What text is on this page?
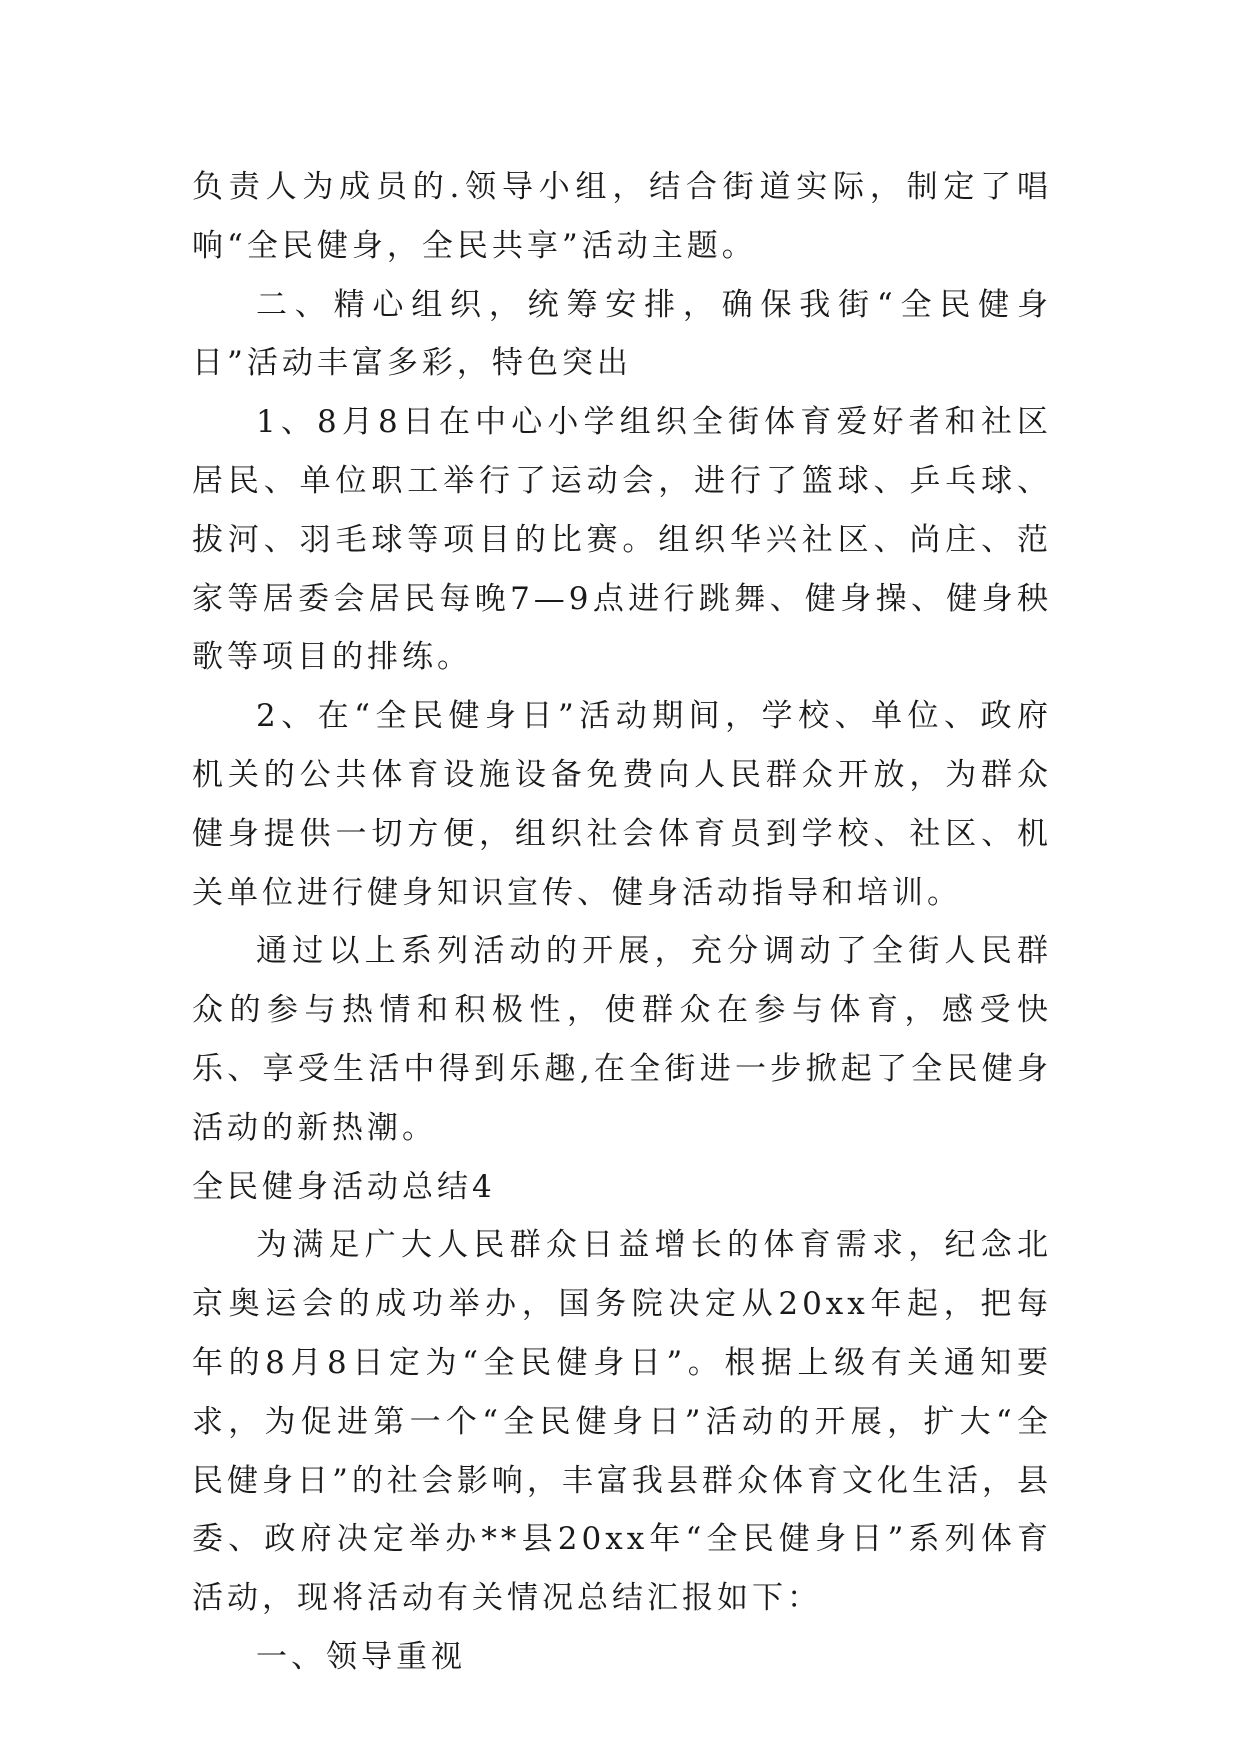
负责人为成员的.领导小组，结合街道实际，制定了唱响“全民健身，全民共享”活动主题。

二、精心组织，统筹安排，确保我街“全民健身日”活动丰富多彩，特色突出

1、8月8日在中心小学组织全街体育爱好者和社区居民、单位职工举行了运动会，进行了篮球、乒乓球、拔河、羽毛球等项目的比赛。组织华兴社区、尚庄、范家等居委会居民每晚7—9点进行跳舞、健身操、健身秧歌等项目的排练。

2、在“全民健身日”活动期间，学校、单位、政府机关的公共体育设施设备免费向人民群众开放，为群众健身提供一切方便，组织社会体育员到学校、社区、机关单位进行健身知识宣传、健身活动指导和培训。

通过以上系列活动的开展，充分调动了全街人民群众的参与热情和积极性，使群众在参与体育，感受快乐、享受生活中得到乐趣,在全街进一步掀起了全民健身活动的新热潮。

全民健身活动总结4

为满足广大人民群众日益增长的体育需求，纪念北京奥运会的成功举办，国务院决定从20xx年起，把每年的8月8日定为“全民健身日”。根据上级有关通知要求，为促进第一个“全民健身日”活动的开展，扩大“全民健身日”的社会影响，丰富我县群众体育文化生活，县委、政府决定举办**县20xx年“全民健身日”系列体育活动，现将活动有关情况总结汇报如下：

一、领导重视
